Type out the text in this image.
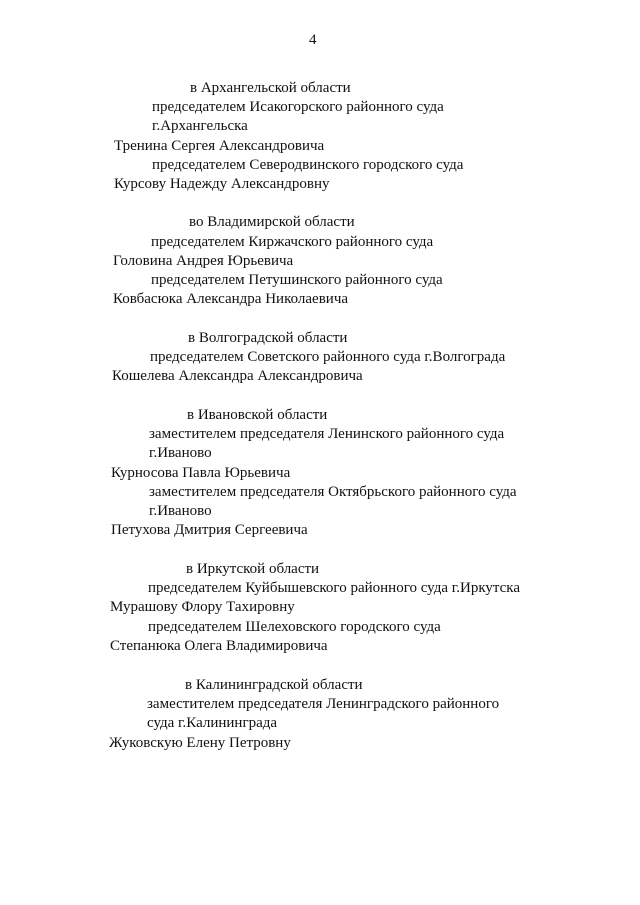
4
в Архангельской области
председателем Исакогорского районного суда
г.Архангельска
Тренина Сергея Александровича
председателем Северодвинского городского суда
Курсову Надежду Александровну
во Владимирской области
председателем Киржачского районного суда
Головина Андрея Юрьевича
председателем Петушинского районного суда
Ковбасюка Александра Николаевича
в Волгоградской области
председателем Советского районного суда г.Волгограда
Кошелева Александра Александровича
в Ивановской области
заместителем председателя Ленинского районного суда
г.Иваново
Курносова Павла Юрьевича
заместителем председателя Октябрьского районного суда
г.Иваново
Петухова Дмитрия Сергеевича
в Иркутской области
председателем Куйбышевского районного суда г.Иркутска
Мурашову Флору Тахировну
председателем Шелеховского городского суда
Степанюка Олега Владимировича
в Калининградской области
заместителем председателя Ленинградского районного
суда г.Калининграда
Жуковскую Елену Петровну
